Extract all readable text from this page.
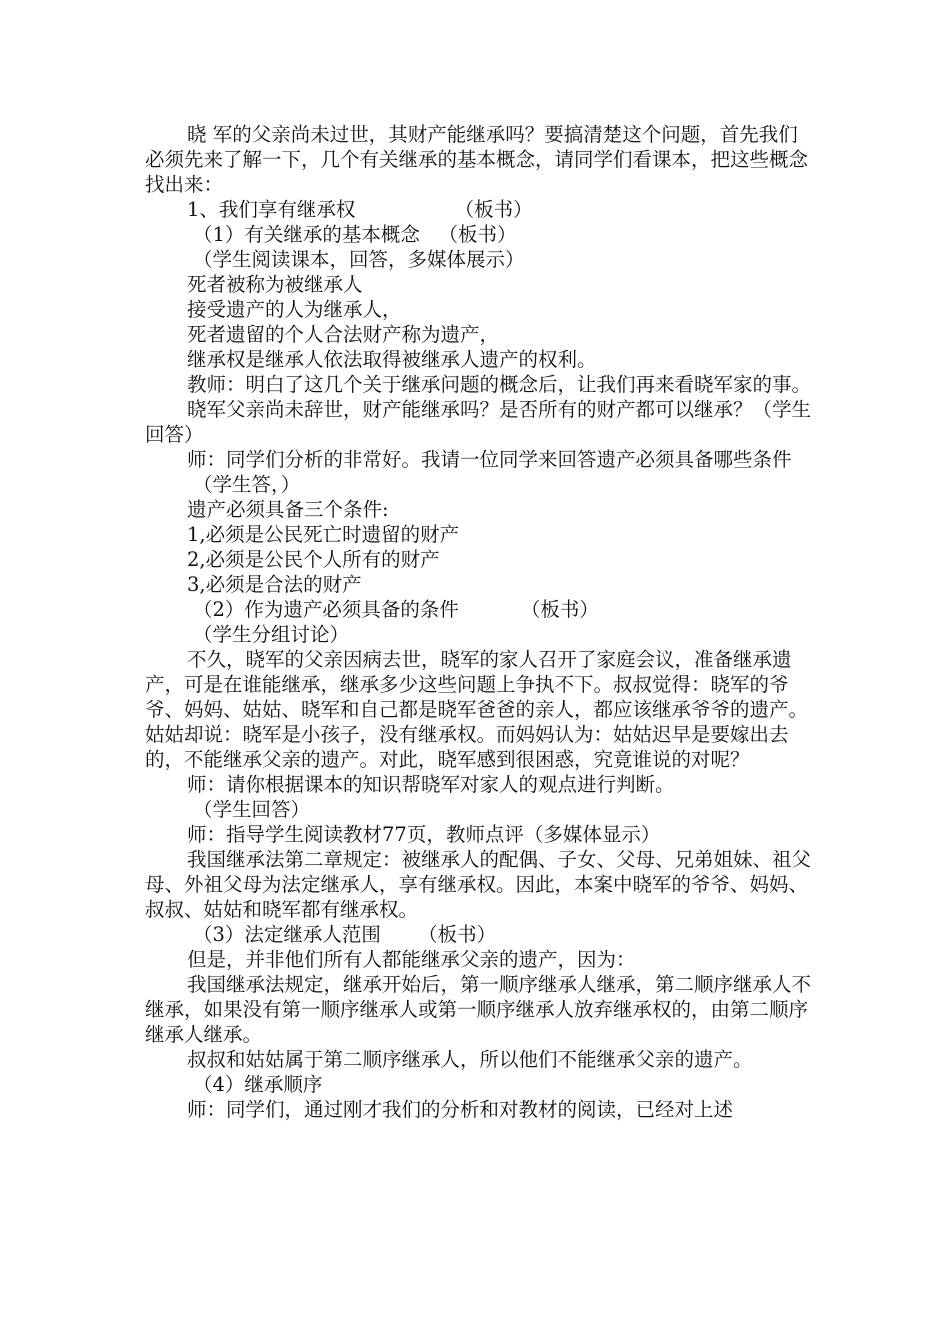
晓 军的父亲尚未过世，其财产能继承吗？要搞清楚这个问题，首先我们必须先来了解一下，几个有关继承的基本概念，请同学们看课本，把这些概念找出来：

1、我们享有继承权                （板书）

（1）有关继承的基本概念   （板书）

（学生阅读课本，回答，多媒体展示）

死者被称为被继承人

接受遗产的人为继承人，

死者遗留的个人合法财产称为遗产，

继承权是继承人依法取得被继承人遗产的权利。

教师：明白了这几个关于继承问题的概念后，让我们再来看晓军家的事。

晓军父亲尚未辞世，财产能继承吗？是否所有的财产都可以继承？（学生回答）

师：同学们分析的非常好。我请一位同学来回答遗产必须具备哪些条件

（学生答，）

遗产必须具备三个条件:

1,必须是公民死亡时遗留的财产

2,必须是公民个人所有的财产

3,必须是合法的财产

（2）作为遗产必须具备的条件          （板书）

（学生分组讨论）

不久，晓军的父亲因病去世，晓军的家人召开了家庭会议，准备继承遗产，可是在谁能继承，继承多少这些问题上争执不下。叔叔觉得：晓军的爷爷、妈妈、姑姑、晓军和自己都是晓军爸爸的亲人，都应该继承爷爷的遗产。姑姑却说：晓军是小孩子，没有继承权。而妈妈认为：姑姑迟早是要嫁出去的，不能继承父亲的遗产。对此，晓军感到很困惑，究竟谁说的对呢？

师：请你根据课本的知识帮晓军对家人的观点进行判断。

（学生回答）

师：指导学生阅读教材77页，教师点评（多媒体显示）

我国继承法第二章规定：被继承人的配偶、子女、父母、兄弟姐妹、祖父母、外祖父母为法定继承人，享有继承权。因此，本案中晓军的爷爷、妈妈、叔叔、姑姑和晓军都有继承权。

（3）法定继承人范围      （板书）

但是，并非他们所有人都能继承父亲的遗产，因为：

我国继承法规定，继承开始后，第一顺序继承人继承，第二顺序继承人不继承，如果没有第一顺序继承人或第一顺序继承人放弃继承权的，由第二顺序继承人继承。

叔叔和姑姑属于第二顺序继承人，所以他们不能继承父亲的遗产。

（4）继承顺序

师：同学们，通过刚才我们的分析和对教材的阅读，已经对上述
